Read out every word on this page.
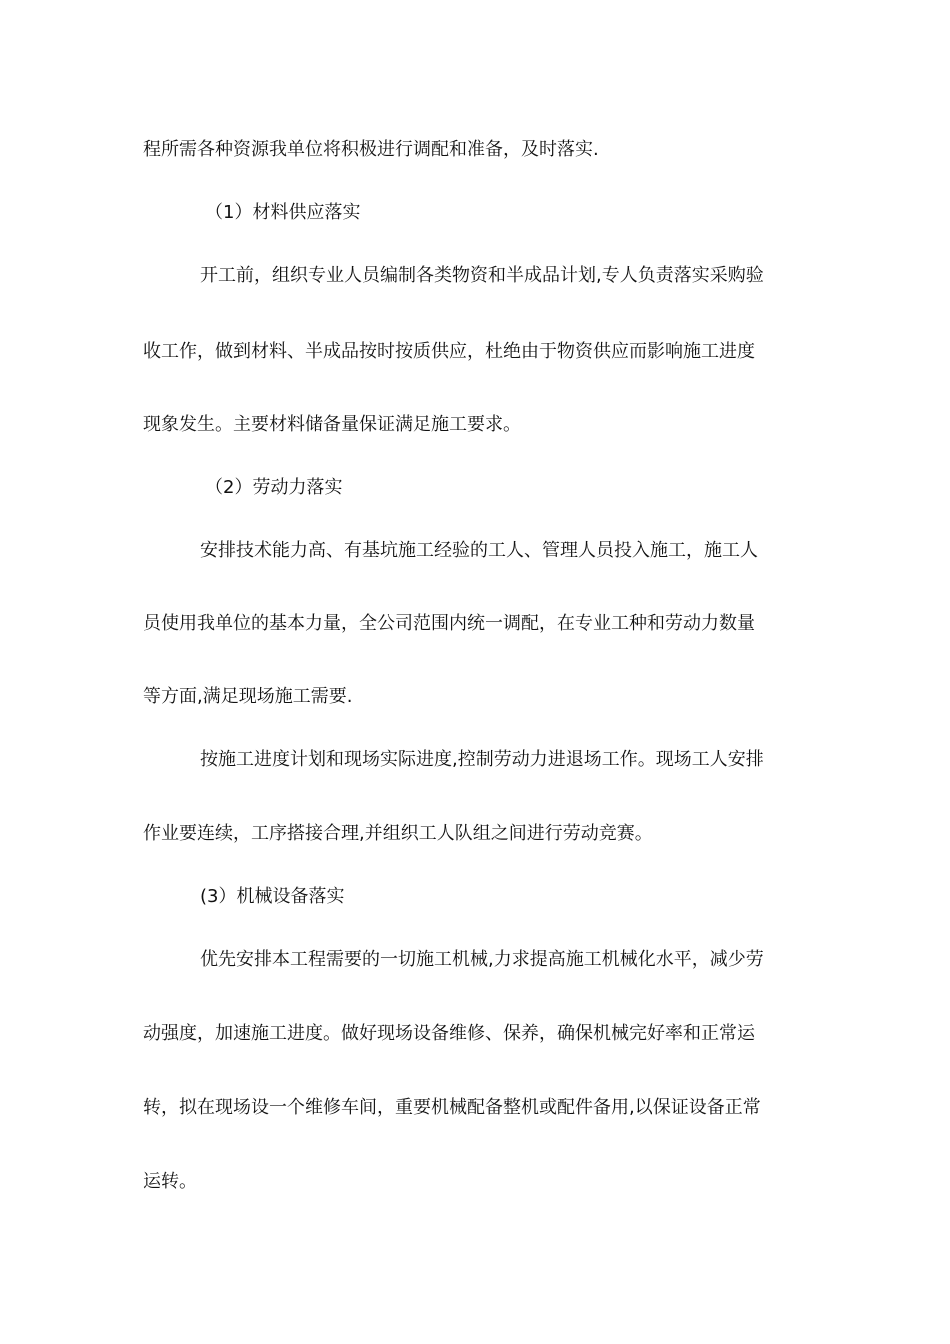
程所需各种资源我单位将积极进行调配和准备，及时落实.
（1）材料供应落实
开工前，组织专业人员编制各类物资和半成品计划,专人负责落实采购验
收工作，做到材料、半成品按时按质供应，杜绝由于物资供应而影响施工进度
现象发生。主要材料储备量保证满足施工要求。
（2）劳动力落实
安排技术能力高、有基坑施工经验的工人、管理人员投入施工，施工人
员使用我单位的基本力量，全公司范围内统一调配，在专业工种和劳动力数量
等方面,满足现场施工需要.
按施工进度计划和现场实际进度,控制劳动力进退场工作。现场工人安排
作业要连续，工序搭接合理,并组织工人队组之间进行劳动竞赛。
(3）机械设备落实
优先安排本工程需要的一切施工机械,力求提高施工机械化水平，减少劳
动强度，加速施工进度。做好现场设备维修、保养，确保机械完好率和正常运
转，拟在现场设一个维修车间，重要机械配备整机或配件备用,以保证设备正常
运转。
